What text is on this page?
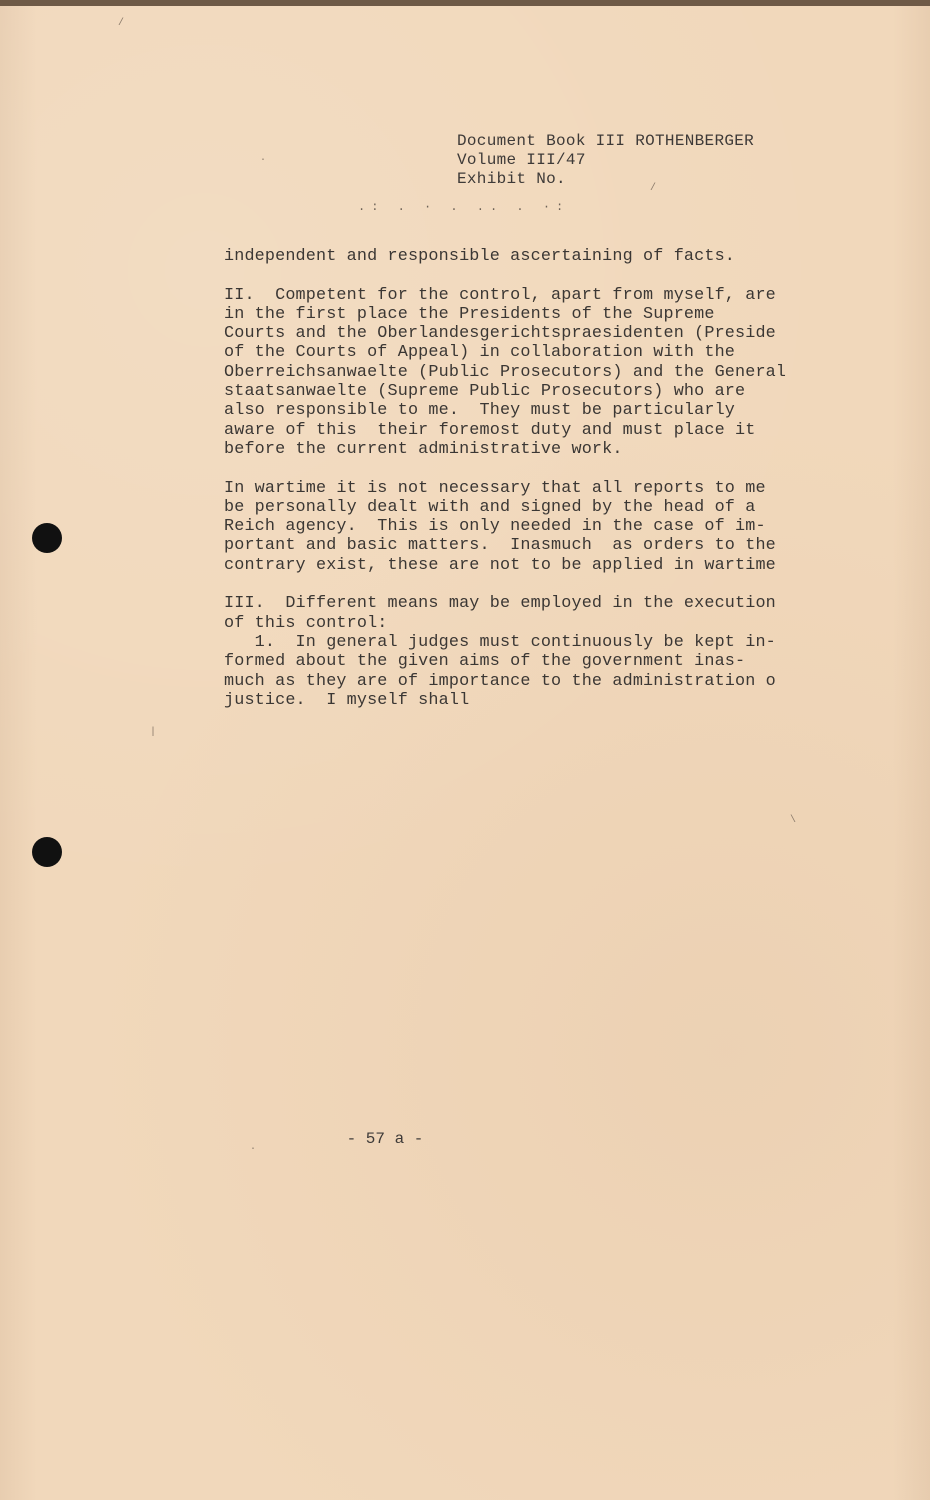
/
·
|
·
\
/
Document Book III ROTHENBERGER
Volume III/47
Exhibit No.
.: . · . .. . ·:
independent and responsible ascertaining of facts.
II.  Competent for the control, apart from myself, are
in the first place the Presidents of the Supreme
Courts and the Oberlandesgerichtspraesidenten (Preside
of the Courts of Appeal) in collaboration with the
Oberreichsanwaelte (Public Prosecutors) and the General
staatsanwaelte (Supreme Public Prosecutors) who are
also responsible to me.  They must be particularly
aware of this  their foremost duty and must place it
before the current administrative work.
In wartime it is not necessary that all reports to me
be personally dealt with and signed by the head of a
Reich agency.  This is only needed in the case of im-
portant and basic matters.  Inasmuch  as orders to the
contrary exist, these are not to be applied in wartime
III.  Different means may be employed in the execution
of this control:
1.  In general judges must continuously be kept in-
formed about the given aims of the government inas-
much as they are of importance to the administration o
justice.  I myself shall
- 57 a -
